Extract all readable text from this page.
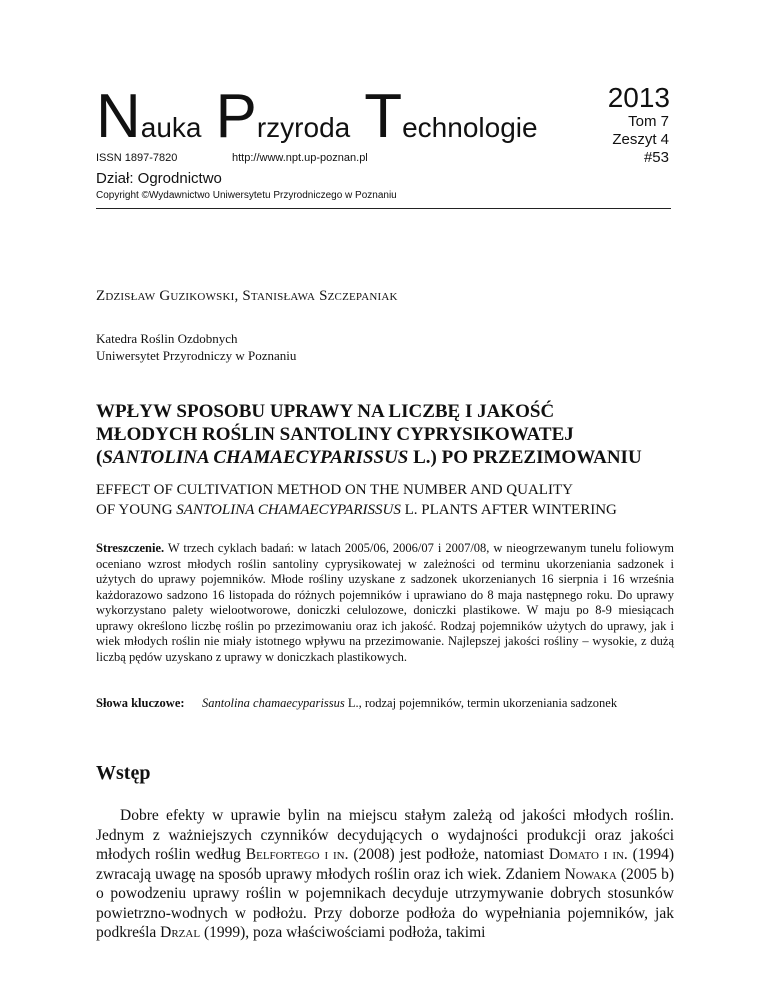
Nauka Przyroda Technologie
ISSN 1897-7820	http://www.npt.up-poznan.pl
Dział: Ogrodnictwo
Copyright ©Wydawnictwo Uniwersytetu Przyrodniczego w Poznaniu
2013
Tom 7
Zeszyt 4
#53
Zdzisław Guzikowski, Stanisława Szczepaniak
Katedra Roślin Ozdobnych
Uniwersytet Przyrodniczy w Poznaniu
WPŁYW SPOSOBU UPRAWY NA LICZBĘ I JAKOŚĆ
MŁODYCH ROŚLIN SANTOLINY CYPRYSIKOWATEJ
(SANTOLINA CHAMAECYPARISSUS L.) PO PRZEZIMOWANIU
EFFECT OF CULTIVATION METHOD ON THE NUMBER AND QUALITY
OF YOUNG SANTOLINA CHAMAECYPARISSUS L. PLANTS AFTER WINTERING
Streszczenie. W trzech cyklach badań: w latach 2005/06, 2006/07 i 2007/08, w nieogrzewanym tunelu foliowym oceniano wzrost młodych roślin santoliny cyprysikowatej w zależności od terminu ukorzeniania sadzonek i użytych do uprawy pojemników. Młode rośliny uzyskane z sadzonek ukorzenianych 16 sierpnia i 16 września każdorazowo sadzono 16 listopada do różnych pojemników i uprawiano do 8 maja następnego roku. Do uprawy wykorzystano palety wielootworowe, doniczki celulozowe, doniczki plastikowe. W maju po 8-9 miesiącach uprawy określono liczbę roślin po przezimowaniu oraz ich jakość. Rodzaj pojemników użytych do uprawy, jak i wiek młodych roślin nie miały istotnego wpływu na przezimowanie. Najlepszej jakości rośliny – wysokie, z dużą liczbą pędów uzyskano z uprawy w doniczkach plastikowych.
Słowa kluczowe:	Santolina chamaecyparissus L., rodzaj pojemników, termin ukorzeniania sadzonek
Wstęp

Dobre efekty w uprawie bylin na miejscu stałym zależą od jakości młodych roślin. Jednym z ważniejszych czynników decydujących o wydajności produkcji oraz jakości młodych roślin według Belfortego i in. (2008) jest podłoże, natomiast Domato i in. (1994) zwracają uwagę na sposób uprawy młodych roślin oraz ich wiek. Zdaniem Nowaka (2005 b) o powodzeniu uprawy roślin w pojemnikach decyduje utrzymywanie dobrych stosunków powietrzno-wodnych w podłożu. Przy doborze podłoża do wypełniania pojemników, jak podkreśla Drzal (1999), poza właściwościami podłoża, takimi
